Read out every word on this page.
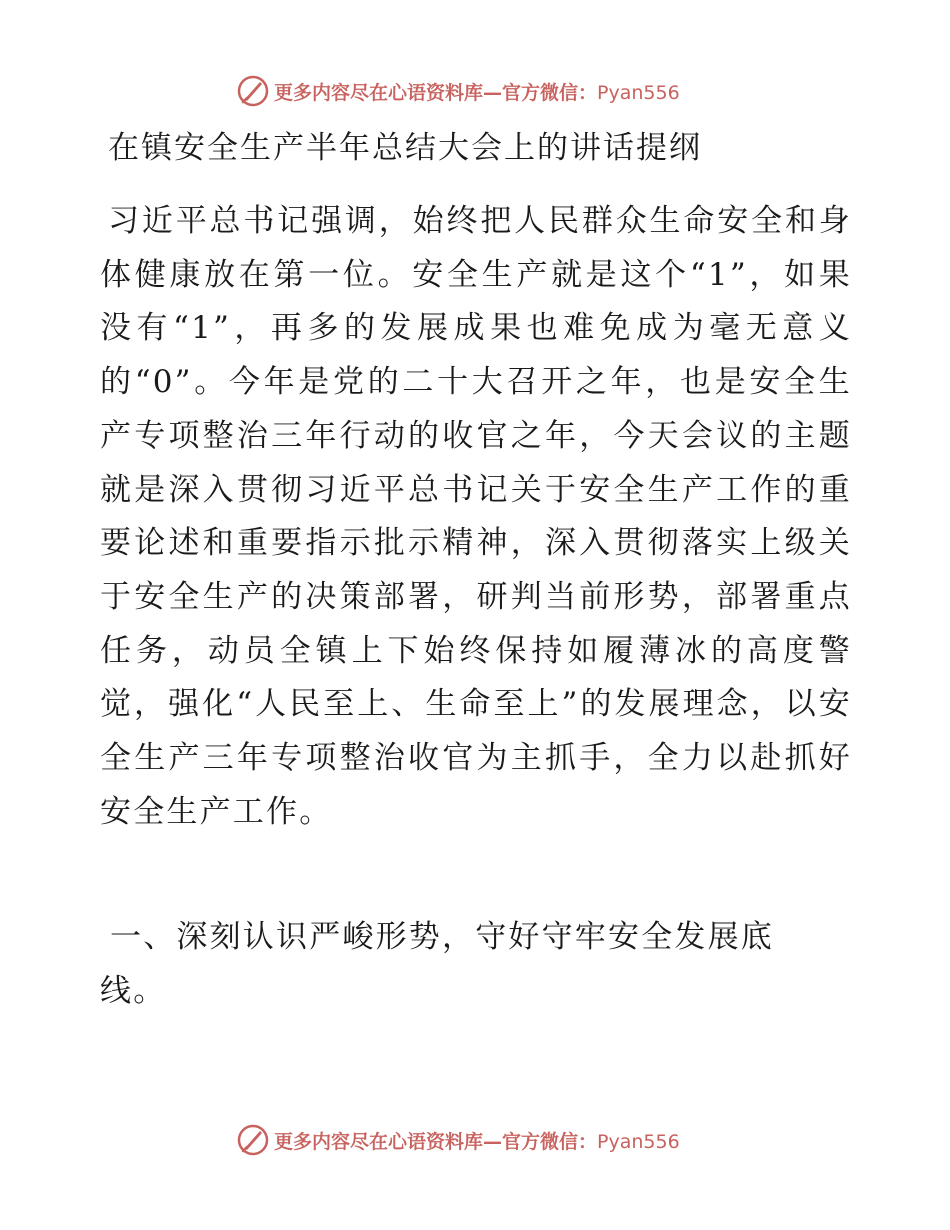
更多内容尽在心语资料库—官方微信：Pyan556
在镇安全生产半年总结大会上的讲话提纲

习近平总书记强调，始终把人民群众生命安全和身体健康放在第一位。安全生产就是这个“1”，如果没有“1”，再多的发展成果也难免成为毫无意义的“0”。今年是党的二十大召开之年，也是安全生产专项整治三年行动的收官之年，今天会议的主题就是深入贯彻习近平总书记关于安全生产工作的重要论述和重要指示批示精神，深入贯彻落实上级关于安全生产的决策部署，研判当前形势，部署重点任务，动员全镇上下始终保持如履薄冰的高度警觉，强化“人民至上、生命至上”的发展理念，以安全生产三年专项整治收官为主抓手，全力以赴抓好安全生产工作。

一、深刻认识严峻形势，守好守牢安全发展底线。

更多内容尽在心语资料库—官方微信：Pyan556
